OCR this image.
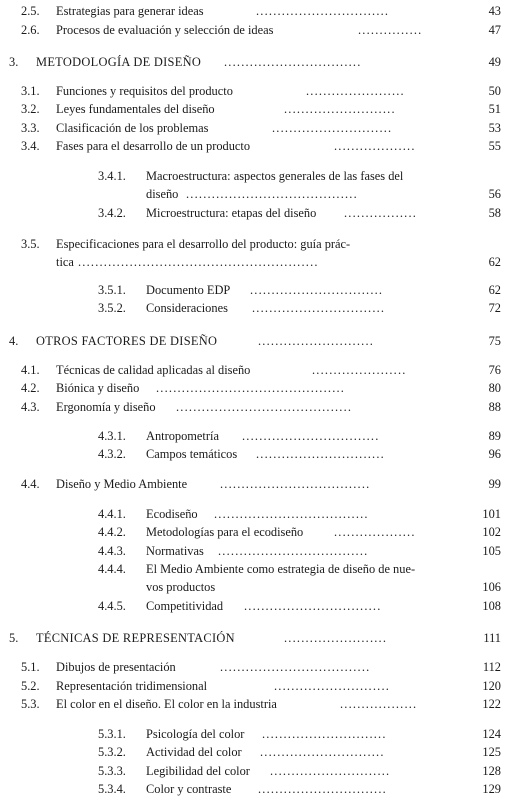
2.5. Estrategias para generar ideas	...............................	43
2.6. Procesos de evaluación y selección de ideas	...............	47
3. METODOLOGÍA DE DISEÑO ................................	49
3.1. Funciones y requisitos del producto	.......................	50
3.2. Leyes fundamentales del diseño	..........................	51
3.3. Clasificación de los problemas	............................	53
3.4. Fases para el desarrollo de un producto	...................	55
3.4.1. Macroestructura: aspectos generales de las fases del
diseño ........................................	56
3.4.2. Microestructura: etapas del diseño .................	58
3.5. Especificaciones para el desarrollo del producto: guía prác-
tica ........................................................	62
3.5.1. Documento EDP ...............................	62
3.5.2. Consideraciones ...............................	72
4. OTROS FACTORES DE DISEÑO	...........................	75
4.1. Técnicas de calidad aplicadas al diseño	......................	76
4.2. Biónica y diseño ............................................	80
4.3. Ergonomía y diseño .........................................	88
4.3.1. Antropometría ................................	89
4.3.2. Campos temáticos ..............................	96
4.4. Diseño y Medio Ambiente	...................................	99
4.4.1. Ecodiseño ....................................	101
4.4.2. Metodologías para el ecodiseño ...................	102
4.4.3. Normativas ...................................	105
4.4.4. El Medio Ambiente como estrategia de diseño de nue-
vos productos	106
4.4.5. Competitividad ................................	108
5. TÉCNICAS DE REPRESENTACIÓN	........................	111
5.1. Dibujos de presentación	...................................	112
5.2. Representación tridimensional	...........................	120
5.3. El color en el diseño. El color en la industria	..................	122
5.3.1. Psicología del color .............................	124
5.3.2. Actividad del color .............................	125
5.3.3. Legibilidad del color ............................	128
5.3.4. Color y contraste ..............................	129
